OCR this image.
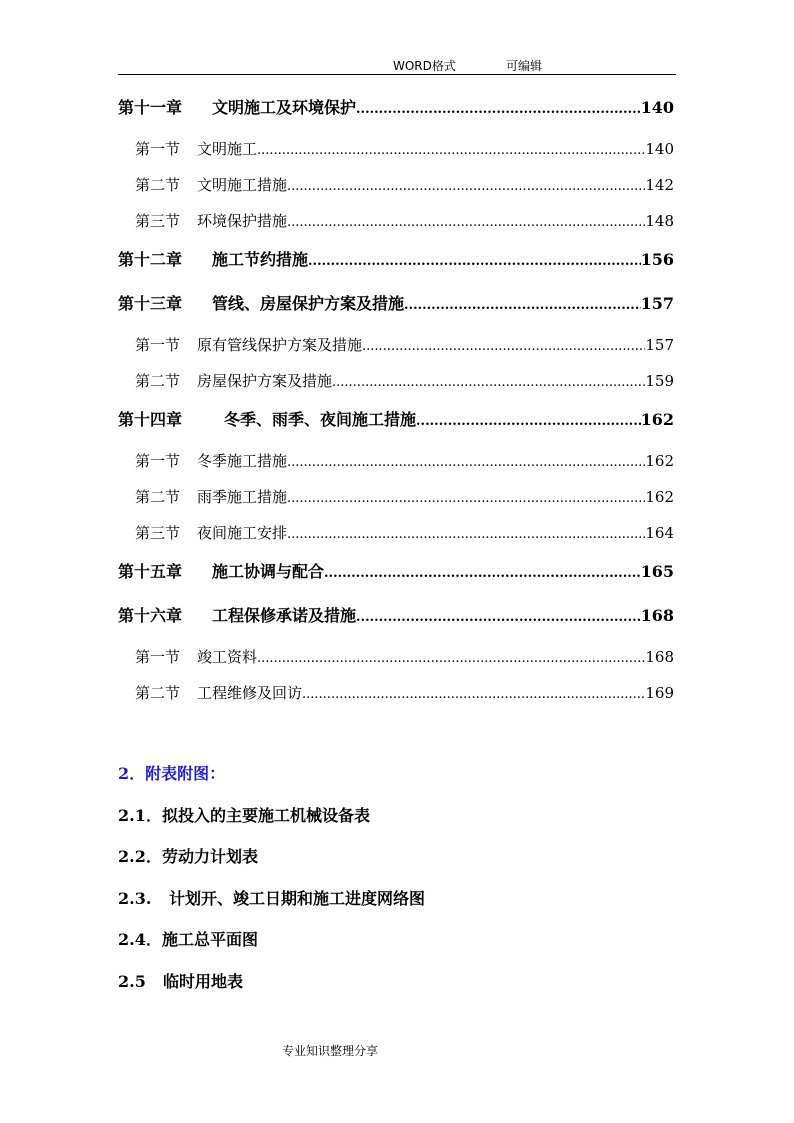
WORD格式	可编辑
第十一章	文明施工及环境保护 .....	140
第一节	文明施工 .....	140
第二节	文明施工措施 .....	142
第三节	环境保护措施 .....	148
第十二章	施工节约措施 .....	156
第十三章	管线、房屋保护方案及措施 .....	157
第一节	原有管线保护方案及措施 .....	157
第二节	房屋保护方案及措施 .....	159
第十四章	冬季、雨季、夜间施工措施 .....	162
第一节	冬季施工措施 .....	162
第二节	雨季施工措施 .....	162
第三节	夜间施工安排 .....	164
第十五章	施工协调与配合 .....	165
第十六章	工程保修承诺及措施 .....	168
第一节	竣工资料 .....	168
第二节	工程维修及回访 .....	169
2．附表附图：
2.1．拟投入的主要施工机械设备表
2.2．劳动力计划表
2.3. 计划开、竣工日期和施工进度网络图
2.4．施工总平面图
2.5 临时用地表
专业知识整理分享
